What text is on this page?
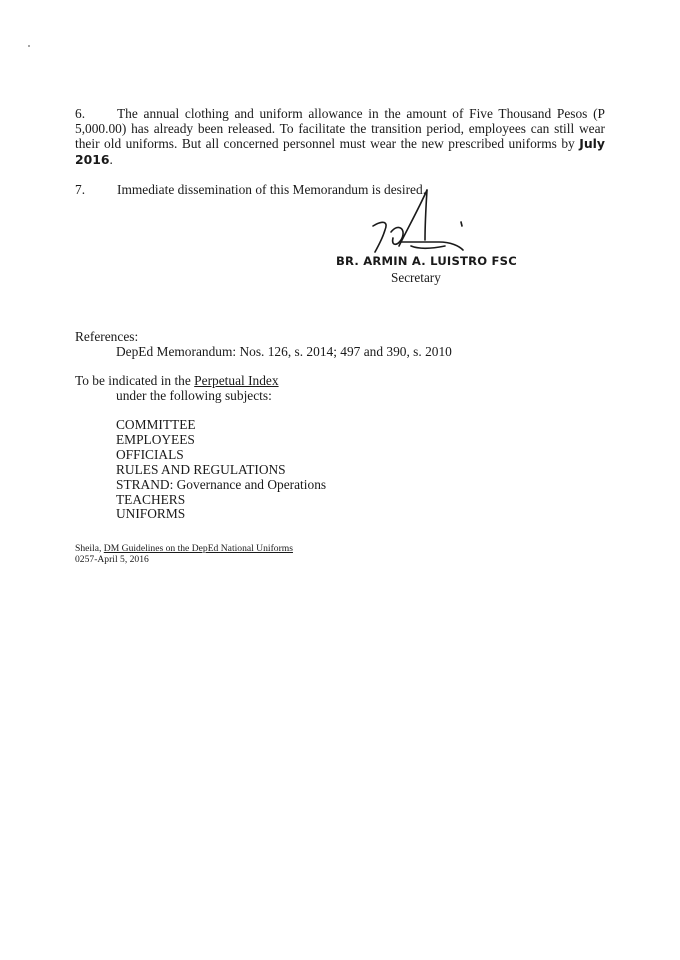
6. The annual clothing and uniform allowance in the amount of Five Thousand Pesos (P 5,000.00) has already been released. To facilitate the transition period, employees can still wear their old uniforms. But all concerned personnel must wear the new prescribed uniforms by July 2016.
7. Immediate dissemination of this Memorandum is desired.
BR. ARMIN A. LUISTRO FSC
Secretary
References:
DepEd Memorandum: Nos. 126, s. 2014; 497 and 390, s. 2010
To be indicated in the Perpetual Index
under the following subjects:
COMMITTEE
EMPLOYEES
OFFICIALS
RULES AND REGULATIONS
STRAND: Governance and Operations
TEACHERS
UNIFORMS
Sheila, DM Guidelines on the DepEd National Uniforms
0257-April 5, 2016
